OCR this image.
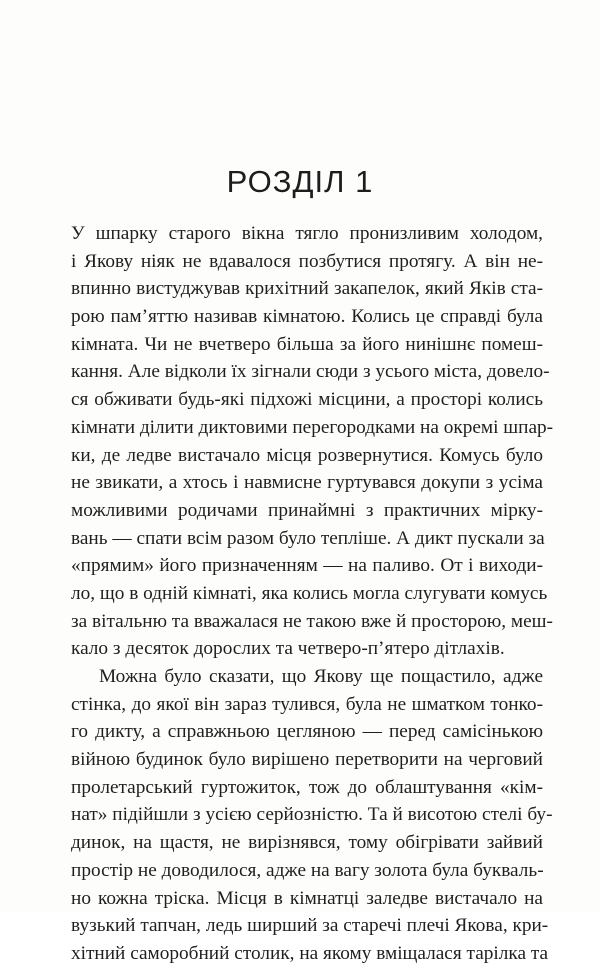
РОЗДІЛ 1
У шпарку старого вікна тягло пронизливим холодом,
і Якову ніяк не вдавалося позбутися протягу. А він не-
впинно вистуджував крихітний закапелок, який Яків ста-
рою пам’яттю називав кімнатою. Колись це справді була
кімната. Чи не вчетверо більша за його нинішнє помеш-
кання. Але відколи їх зігнали сюди з усього міста, довело-
ся обживати будь-які підхожі місцини, а просторі колись
кімнати ділити диктовими перегородками на окремі шпар-
ки, де ледве вистачало місця розвернутися. Комусь було
не звикати, а хтось і навмисне гуртувався докупи з усіма
можливими родичами принаймні з практичних мірку-
вань — спати всім разом було тепліше. А дикт пускали за
«прямим» його призначенням — на паливо. От і виходи-
ло, що в одній кімнаті, яка колись могла слугувати комусь
за вітальню та вважалася не такою вже й просторою, меш-
кало з десяток дорослих та четверо-п’ятеро дітлахів.
Можна було сказати, що Якову ще пощастило, адже
стінка, до якої він зараз тулився, була не шматком тонко-
го дикту, а справжньою цегляною — перед самісінькою
війною будинок було вирішено перетворити на черговий
пролетарський гуртожиток, тож до облаштування «кім-
нат» підійшли з усією серйозністю. Та й висотою стелі бу-
динок, на щастя, не вирізнявся, тому обігрівати зайвий
простір не доводилося, адже на вагу золота була букваль-
но кожна тріска. Місця в кімнатці заледве вистачало на
вузький тапчан, ледь ширший за старечі плечі Якова, кри-
хітний саморобний столик, на якому вміщалася тарілка та
